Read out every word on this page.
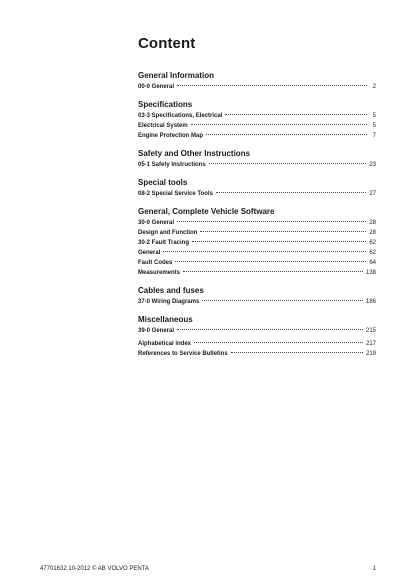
Content
General Information
00-0 General	2
Specifications
03-3 Specifications, Electrical	5
Electrical System	5
Engine Protection Map	7
Safety and Other Instructions
05-1 Safety Instructions	23
Special tools
08-2 Special Service Tools	27
General, Complete Vehicle Software
30-0 General	28
Design and Function	28
30-2 Fault Tracing	62
General	62
Fault Codes	64
Measurements	138
Cables and fuses
37-0 Wiring Diagrams	186
Miscellaneous
39-0 General	215
Alphabetical index	217
References to Service Bulletins	219
47701632 10-2012 © AB VOLVO PENTA	1
